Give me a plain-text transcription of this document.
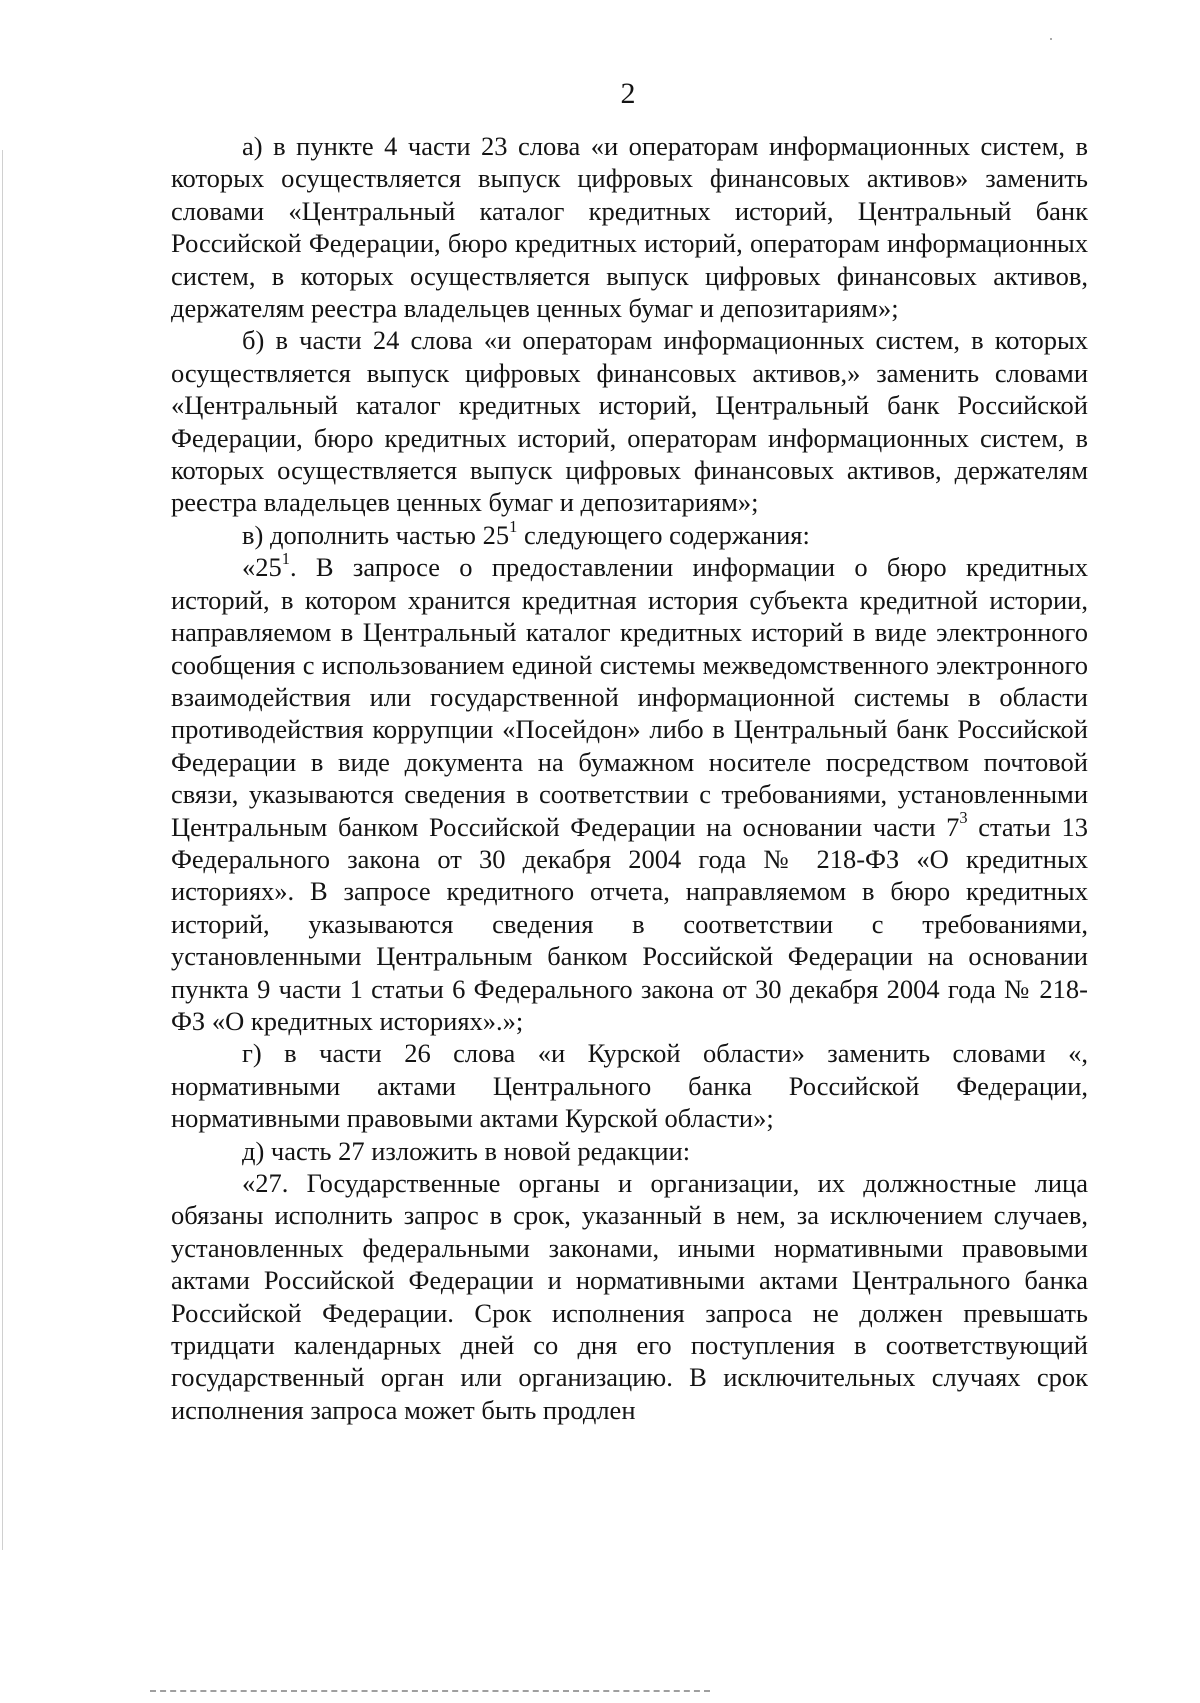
2

а) в пункте 4 части 23 слова «и операторам информационных систем, в которых осуществляется выпуск цифровых финансовых активов» заменить словами «Центральный каталог кредитных историй, Центральный банк Российской Федерации, бюро кредитных историй, операторам информационных систем, в которых осуществляется выпуск цифровых финансовых активов, держателям реестра владельцев ценных бумаг и депозитариям»;

б) в части 24 слова «и операторам информационных систем, в которых осуществляется выпуск цифровых финансовых активов,» заменить словами «Центральный каталог кредитных историй, Центральный банк Российской Федерации, бюро кредитных историй, операторам информационных систем, в которых осуществляется выпуск цифровых финансовых активов, держателям реестра владельцев ценных бумаг и депозитариям»;

в) дополнить частью $25^1$ следующего содержания:

«$25^1$. В запросе о предоставлении информации о бюро кредитных историй, в котором хранится кредитная история субъекта кредитной истории, направляемом в Центральный каталог кредитных историй в виде электронного сообщения с использованием единой системы межведомственного электронного взаимодействия или государственной информационной системы в области противодействия коррупции «Посейдон» либо в Центральный банк Российской Федерации в виде документа на бумажном носителе посредством почтовой связи, указываются сведения в соответствии с требованиями, установленными Центральным банком Российской Федерации на основании части $7^3$ статьи 13 Федерального закона от 30 декабря 2004 года № 218-ФЗ «О кредитных историях». В запросе кредитного отчета, направляемом в бюро кредитных историй, указываются сведения в соответствии с требованиями, установленными Центральным банком Российской Федерации на основании пункта 9 части 1 статьи 6 Федерального закона от 30 декабря 2004 года № 218-ФЗ «О кредитных историях».»;

г) в части 26 слова «и Курской области» заменить словами «, нормативными актами Центрального банка Российской Федерации, нормативными правовыми актами Курской области»;

д) часть 27 изложить в новой редакции:

«27. Государственные органы и организации, их должностные лица обязаны исполнить запрос в срок, указанный в нем, за исключением случаев, установленных федеральными законами, иными нормативными правовыми актами Российской Федерации и нормативными актами Центрального банка Российской Федерации. Срок исполнения запроса не должен превышать тридцати календарных дней со дня его поступления в соответствующий государственный орган или организацию. В исключительных случаях срок исполнения запроса может быть продлен
